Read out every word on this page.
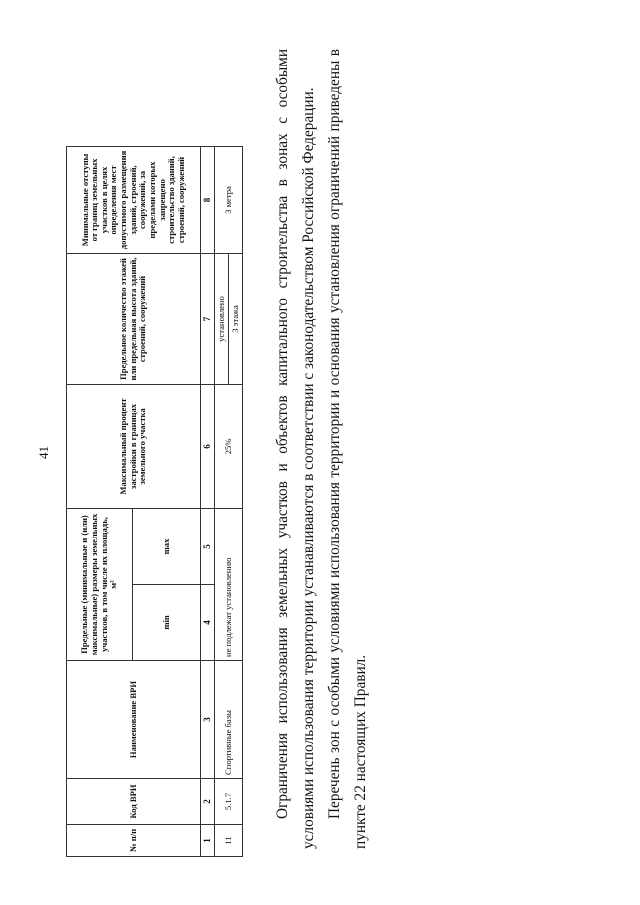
41
№ п/п	Код ВРИ	Наименование ВРИ	Предельные (минимальные и (или) максимальные) размеры земельных участков, в том числе их площадь, м²		Максимальный процент застройки в границах земельного участка	Предельное количество этажей или предельная высота зданий, строений, сооружений	Минимальные отступы от границ земельных участков в целях определения мест допустимого размещения зданий, строений, сооружений, за пределами которых запрещено строительство зданий, строений, сооружений
			min	max			
1	2	3	4	5	6	7	8
11	5.1.7	Спортивные базы	не подлежат установлению		25%	установлено	3 метра
						3 этажа	Ограничения использования земельных участков и объектов капитального строительства в зонах с особыми условиями использования территории устанавливаются в соответствии с законодательством Российской Федерации. Перечень зон с особыми условиями использования территории и основания установления ограничений приведены в пункте 22 настоящих Правил.
